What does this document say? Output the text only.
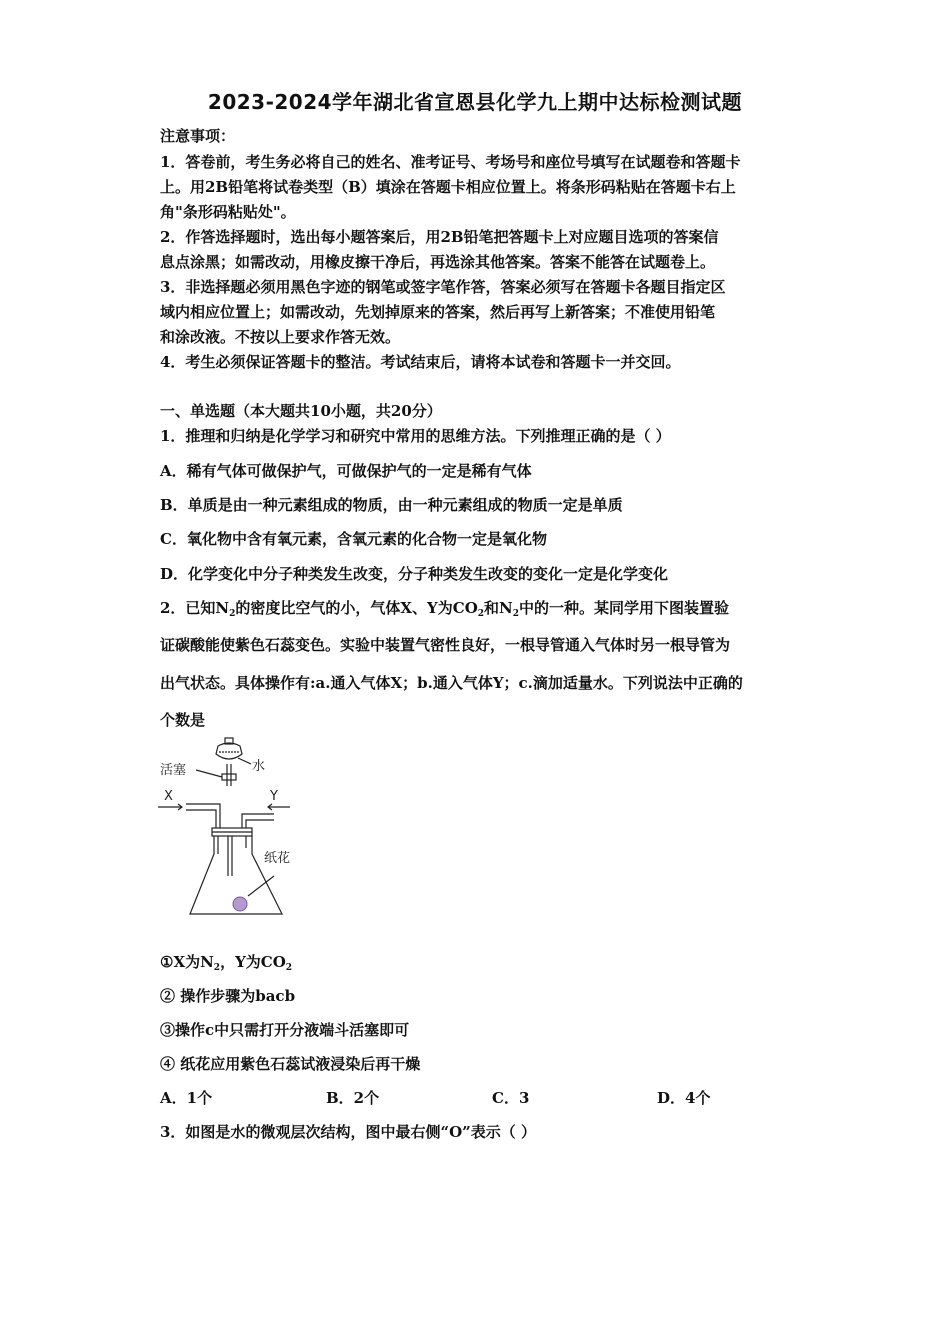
2023-2024学年湖北省宣恩县化学九上期中达标检测试题
注意事项：
1．答卷前，考生务必将自己的姓名、准考证号、考场号和座位号填写在试题卷和答题卡
上。用2B铅笔将试卷类型（B）填涂在答题卡相应位置上。将条形码粘贴在答题卡右上
角"条形码粘贴处"。
2．作答选择题时，选出每小题答案后，用2B铅笔把答题卡上对应题目选项的答案信
息点涂黑；如需改动，用橡皮擦干净后，再选涂其他答案。答案不能答在试题卷上。
3．非选择题必须用黑色字迹的钢笔或签字笔作答，答案必须写在答题卡各题目指定区
域内相应位置上；如需改动，先划掉原来的答案，然后再写上新答案；不准使用铅笔
和涂改液。不按以上要求作答无效。
4．考生必须保证答题卡的整洁。考试结束后，请将本试卷和答题卡一并交回。
一、单选题（本大题共10小题，共20分）
1．推理和归纳是化学学习和研究中常用的思维方法。下列推理正确的是（ ）
A．稀有气体可做保护气，可做保护气的一定是稀有气体
B．单质是由一种元素组成的物质，由一种元素组成的物质一定是单质
C．氧化物中含有氧元素，含氧元素的化合物一定是氧化物
D．化学变化中分子种类发生改变，分子种类发生改变的变化一定是化学变化
2．已知$N_2$的密度比空气的小，气体X、Y为$CO_2$和$N_2$中的一种。某同学用下图装置验
证碳酸能使紫色石蕊变色。实验中装置气密性良好，一根导管通入气体时另一根导管为
出气状态。具体操作有:a.通入气体X；b.通入气体Y；c.滴加适量水。下列说法中正确的
个数是
活塞	水
X	Y
纸花
①X为$N_2$，Y为$CO_2$
② 操作步骤为bacb
③操作c中只需打开分液端斗活塞即可
④ 纸花应用紫色石蕊试液浸染后再干燥
A．1个	B．2个	C．3	D．4个
3．如图是水的微观层次结构，图中最右侧“O”表示（ ）
